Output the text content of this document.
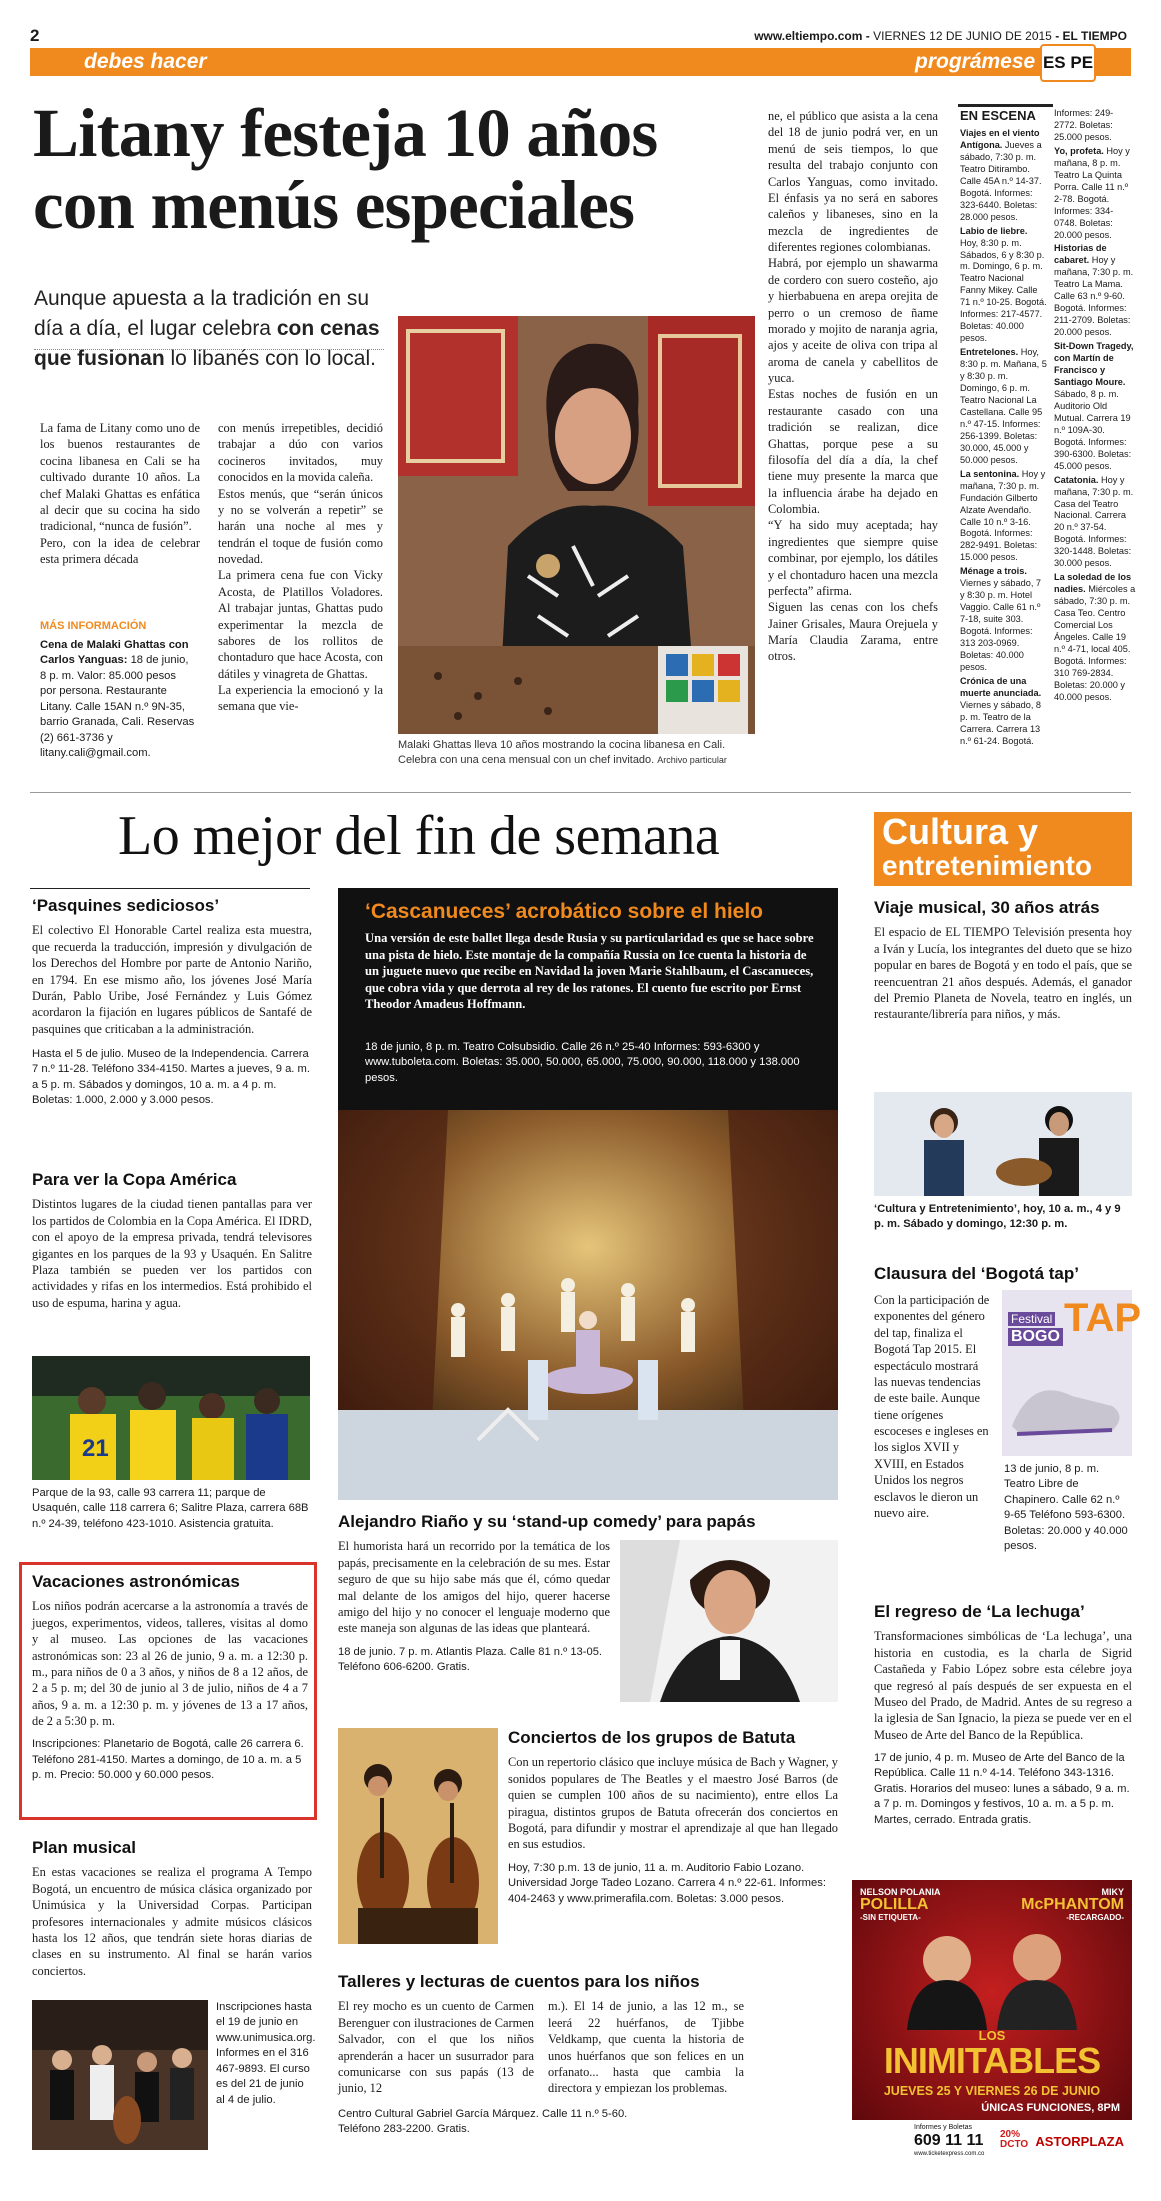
2	www.eltiempo.com - VIERNES 12 DE JUNIO DE 2015 - EL TIEMPO
debes hacer	prográmese ES PE
Litany festeja 10 años
con menús especiales
Aunque apuesta a la tradición en su día a día, el lugar celebra con cenas que fusionan lo libanés con lo local.
La fama de Litany como uno de los buenos restaurantes de cocina libanesa en Cali se ha cultivado durante 10 años. La chef Malaki Ghattas es enfática al decir que su cocina ha sido tradicional, “nunca de fusión”.
Pero, con la idea de celebrar esta primera década
MÁS INFORMACIÓN
Cena de Malaki Ghattas con Carlos Yanguas: 18 de junio, 8 p. m. Valor: 85.000 pesos por persona. Restaurante Litany. Calle 15AN n.º 9N-35, barrio Granada, Cali. Reservas (2) 661-3736 y litany.cali@gmail.com.
con menús irrepetibles, decidió trabajar a dúo con varios cocineros invitados, muy conocidos en la movida caleña.
Estos menús, que “serán únicos y no se volverán a repetir” se harán una noche al mes y tendrán el toque de fusión como novedad.
La primera cena fue con Vicky Acosta, de Platillos Voladores. Al trabajar juntas, Ghattas pudo experimentar la mezcla de sabores de los rollitos de chontaduro que hace Acosta, con dátiles y vinagreta de Ghattas.
La experiencia la emocionó y la semana que vie-
Malaki Ghattas lleva 10 años mostrando la cocina libanesa en Cali. Celebra con una cena mensual con un chef invitado. Archivo particular
ne, el público que asista a la cena del 18 de junio podrá ver, en un menú de seis tiempos, lo que resulta del trabajo conjunto con Carlos Yanguas, como invitado. El énfasis ya no será en sabores caleños y libaneses, sino en la mezcla de ingredientes de diferentes regiones colombianas.
Habrá, por ejemplo un shawarma de cordero con suero costeño, ajo y hierbabuena en arepa orejita de perro o un cremoso de ñame morado y mojito de naranja agria, ajos y aceite de oliva con tripa al aroma de canela y cabellitos de yuca.
Estas noches de fusión en un restaurante casado con una tradición se realizan, dice Ghattas, porque pese a su filosofía del día a día, la chef tiene muy presente la marca que la influencia árabe ha dejado en Colombia.
“Y ha sido muy aceptada; hay ingredientes que siempre quise combinar, por ejemplo, los dátiles y el chontaduro hacen una mezcla perfecta” afirma.
Siguen las cenas con los chefs Jainer Grisales, Maura Orejuela y María Claudia Zarama, entre otros.
EN ESCENA

Viajes en el viento Antígona. Jueves a sábado, 7:30 p. m. Teatro Ditirambo. Calle 45A n.º 14-37. Bogotá. Informes: 323-6440. Boletas: 28.000 pesos.

Labio de liebre. Hoy, 8:30 p. m. Sábados, 6 y 8:30 p. m. Domingo, 6 p. m. Teatro Nacional Fanny Mikey. Calle 71 n.º 10-25. Bogotá. Informes: 217-4577. Boletas: 40.000 pesos.

Entretelones. Hoy, 8:30 p. m. Mañana, 5 y 8:30 p. m. Domingo, 6 p. m. Teatro Nacional La Castellana. Calle 95 n.º 47-15. Informes: 256-1399. Boletas: 30.000, 45.000 y 50.000 pesos.

La sentonina. Hoy y mañana, 7:30 p. m. Fundación Gilberto Alzate Avendaño. Calle 10 n.º 3-16. Bogotá. Informes: 282-9491. Boletas: 15.000 pesos.

Ménage a trois. Viernes y sábado, 7 y 8:30 p. m. Hotel Vaggio. Calle 61 n.º 7-18, suite 303. Bogotá. Informes: 313 203-0969. Boletas: 40.000 pesos.

Crónica de una muerte anunciada. Viernes y sábado, 8 p. m. Teatro de la Carrera. Carrera 13 n.º 61-24. Bogotá.

Informes: 249-2772. Boletas: 25.000 pesos.

Yo, profeta. Hoy y mañana, 8 p. m. Teatro La Quinta Porra. Calle 11 n.º 2-78. Bogotá. Informes: 334-0748. Boletas: 20.000 pesos.

Historias de cabaret. Hoy y mañana, 7:30 p. m. Teatro La Mama. Calle 63 n.º 9-60. Bogotá. Informes: 211-2709. Boletas: 20.000 pesos.

Sit-Down Tragedy, con Martín de Francisco y Santiago Moure. Sábado, 8 p. m. Auditorio Old Mutual. Carrera 19 n.º 109A-30. Bogotá. Informes: 390-6300. Boletas: 45.000 pesos.

Catatonia. Hoy y mañana, 7:30 p. m. Casa del Teatro Nacional. Carrera 20 n.º 37-54. Bogotá. Informes: 320-1448. Boletas: 30.000 pesos.

La soledad de los nadies. Miércoles a sábado, 7:30 p. m. Casa Teo. Centro Comercial Los Ángeles. Calle 19 n.º 4-71, local 405. Bogotá. Informes: 310 769-2834. Boletas: 20.000 y 40.000 pesos.

Lo mejor del fin de semana	Cultura y
entretenimiento
‘Pasquines sediciosos’

El colectivo El Honorable Cartel realiza esta muestra, que recuerda la traducción, impresión y divulgación de los Derechos del Hombre por parte de Antonio Nariño, en 1794. En ese mismo año, los jóvenes José María Durán, Pablo Uribe, José Fernández y Luis Gómez acordaron la fijación en lugares públicos de Santafé de pasquines que criticaban a la administración.

Hasta el 5 de julio. Museo de la Independencia. Carrera 7 n.º 11-28. Teléfono 334-4150. Martes a jueves, 9 a. m. a 5 p. m. Sábados y domingos, 10 a. m. a 4 p. m. Boletas: 1.000, 2.000 y 3.000 pesos.

Para ver la Copa América

Distintos lugares de la ciudad tienen pantallas para ver los partidos de Colombia en la Copa América. El IDRD, con el apoyo de la empresa privada, tendrá televisores gigantes en los parques de la 93 y Usaquén. En Salitre Plaza también se pueden ver los partidos con actividades y rifas en los intermedios. Está prohibido el uso de espuma, harina y agua.

21
Parque de la 93, calle 93 carrera 11; parque de Usaquén, calle 118 carrera 6; Salitre Plaza, carrera 68B n.º 24-39, teléfono 423-1010. Asistencia gratuita.
Vacaciones astronómicas

Los niños podrán acercarse a la astronomía a través de juegos, experimentos, videos, talleres, visitas al domo y al museo. Las opciones de las vacaciones astronómicas son: 23 al 26 de junio, 9 a. m. a 12:30 p. m., para niños de 0 a 3 años, y niños de 8 a 12 años, de 2 a 5 p. m; del 30 de junio al 3 de julio, niños de 4 a 7 años, 9 a. m. a 12:30 p. m. y jóvenes de 13 a 17 años, de 2 a 5:30 p. m.

Inscripciones: Planetario de Bogotá, calle 26 carrera 6. Teléfono 281-4150. Martes a domingo, de 10 a. m. a 5 p. m. Precio: 50.000 y 60.000 pesos.

Plan musical

En estas vacaciones se realiza el programa A Tempo Bogotá, un encuentro de música clásica organizado por Unimúsica y la Universidad Corpas. Participan profesores internacionales y admite músicos clásicos hasta los 12 años, que tendrán siete horas diarias de clases en su instrumento. Al final se harán varios conciertos.

Inscripciones hasta el 19 de junio en www.unimusica.org. Informes en el 316 467-9893. El curso es del 21 de junio al 4 de julio.
‘Cascanueces’ acrobático sobre el hielo

Una versión de este ballet llega desde Rusia y su particularidad es que se hace sobre una pista de hielo. Este montaje de la compañía Russia on Ice cuenta la historia de un juguete nuevo que recibe en Navidad la joven Marie Stahlbaum, el Cascanueces, que cobra vida y que derrota al rey de los ratones. El cuento fue escrito por Ernst Theodor Amadeus Hoffmann.

18 de junio, 8 p. m. Teatro Colsubsidio. Calle 26 n.º 25-40 Informes: 593-6300 y www.tuboleta.com. Boletas: 35.000, 50.000, 65.000, 75.000, 90.000, 118.000 y 138.000 pesos.

Alejandro Riaño y su ‘stand-up comedy’ para papás

El humorista hará un recorrido por la temática de los papás, precisamente en la celebración de su mes. Estar seguro de que su hijo sabe más que él, cómo quedar mal delante de los amigos del hijo, querer hacerse amigo del hijo y no conocer el lenguaje moderno que este maneja son algunas de las ideas que planteará.

18 de junio. 7 p. m. Atlantis Plaza. Calle 81 n.º 13-05. Teléfono 606-6200. Gratis.

Conciertos de los grupos de Batuta

Con un repertorio clásico que incluye música de Bach y Wagner, y sonidos populares de The Beatles y el maestro José Barros (de quien se cumplen 100 años de su nacimiento), entre ellos La piragua, distintos grupos de Batuta ofrecerán dos conciertos en Bogotá, para difundir y mostrar el aprendizaje al que han llegado en sus estudios.

Hoy, 7:30 p.m. 13 de junio, 11 a. m. Auditorio Fabio Lozano. Universidad Jorge Tadeo Lozano. Carrera 4 n.º 22-61. Informes: 404-2463 y www.primerafila.com. Boletas: 3.000 pesos.

Talleres y lecturas de cuentos para los niños

El rey mocho es un cuento de Carmen Berenguer con ilustraciones de Carmen Salvador, con el que los niños aprenderán a hacer un susurrador para comunicarse con sus papás (13 de junio, 12

m.). El 14 de junio, a las 12 m., se leerá 22 huérfanos, de Tjibbe Veldkamp, que cuenta la historia de unos huérfanos que son felices en un orfanato... hasta que cambia la directora y empiezan los problemas.

Centro Cultural Gabriel García Márquez. Calle 11 n.º 5-60. Teléfono 283-2200. Gratis.

Viaje musical, 30 años atrás

El espacio de EL TIEMPO Televisión presenta hoy a Iván y Lucía, los integrantes del dueto que se hizo popular en bares de Bogotá y en todo el país, que se reencuentran 21 años después. Además, el ganador del Premio Planeta de Novela, teatro en inglés, un restaurante/librería para niños, y más.

‘Cultura y Entretenimiento’, hoy, 10 a. m., 4 y 9 p. m. Sábado y domingo, 12:30 p. m.
Clausura del ‘Bogotá tap’

Con la participación de exponentes del género del tap, finaliza el Bogotá Tap 2015. El espectáculo mostrará las nuevas tendencias de este baile. Aunque tiene orígenes escoceses e ingleses en los siglos XVII y XVIII, en Estados Unidos los negros esclavos le dieron un nuevo aire.

Festival
BOGO TAP
13 de junio, 8 p. m. Teatro Libre de Chapinero. Calle 62 n.º 9-65 Teléfono 593-6300. Boletas: 20.000 y 40.000 pesos.
El regreso de ‘La lechuga’

Transformaciones simbólicas de ‘La lechuga’, una historia en custodia, es la charla de Sigrid Castañeda y Fabio López sobre esta célebre joya que regresó al país después de ser expuesta en el Museo del Prado, de Madrid. Antes de su regreso a la iglesia de San Ignacio, la pieza se puede ver en el Museo de Arte del Banco de la República.

17 de junio, 4 p. m. Museo de Arte del Banco de la República. Calle 11 n.º 4-14. Teléfono 343-1316. Gratis. Horarios del museo: lunes a sábado, 9 a. m. a 7 p. m. Domingos y festivos, 10 a. m. a 5 p. m. Martes, cerrado. Entrada gratis.

NELSON POLANIA
POLILLA
-SIN ETIQUETA-
MIKY
McPHANTOM
-RECARGADO-
LOS
INIMITABLES
JUEVES 25 Y VIERNES 26 DE JUNIO
ÚNICAS FUNCIONES, 8PM
Informes y Boletas
609 11 11
www.ticketexpress.com.co
20% DCTO ASTORPLAZA
